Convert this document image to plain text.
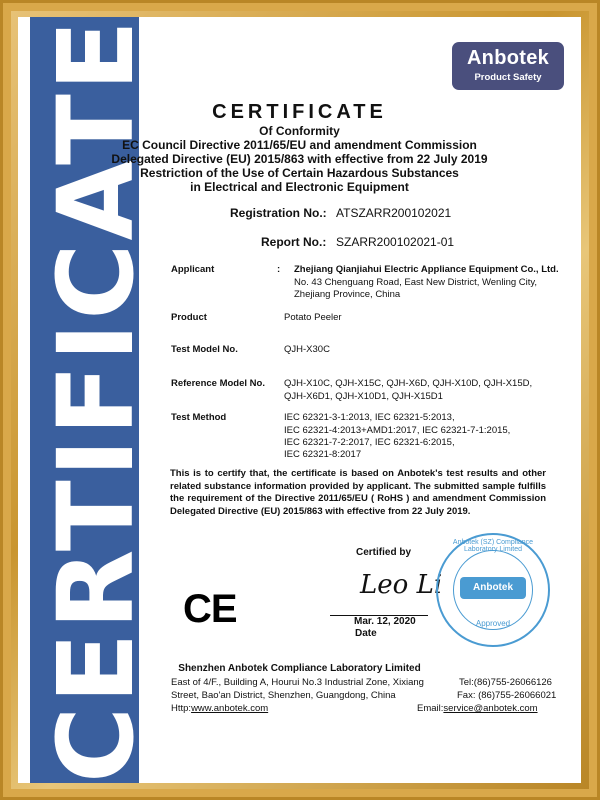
CERTIFICATE	Anbotek
Product Safety
CERTIFICATE
Of Conformity
EC Council Directive 2011/65/EU and amendment Commission
Delegated Directive (EU) 2015/863 with effective from 22 July 2019
Restriction of the Use of Certain Hazardous Substances
in Electrical and Electronic Equipment
Registration No.: ATSZARR200102021
Report No.: SZARR200102021-01
Applicant	: Zhejiang Qianjiahui Electric Appliance Equipment Co., Ltd.
No. 43 Chenguang Road, East New District, Wenling City,
Zhejiang Province, China
Product	Potato Peeler
Test Model No.	QJH-X30C
Reference Model No. QJH-X10C, QJH-X15C, QJH-X6D, QJH-X10D, QJH-X15D,
QJH-X6D1, QJH-X10D1, QJH-X15D1
Test Method	IEC 62321-3-1:2013, IEC 62321-5:2013,
IEC 62321-4:2013+AMD1:2017, IEC 62321-7-1:2015,
IEC 62321-7-2:2017, IEC 62321-6:2015,
IEC 62321-8:2017
This is to certify that, the certificate is based on Anbotek's test results and other related substance information provided by applicant. The submitted sample fulfills the requirement of the Directive 2011/65/EU ( RoHS ) and amendment Commission Delegated Directive (EU) 2015/863 with effective from 22 July 2019.
Certified by
Leo Li
Mar. 12, 2020
Date
CE	Anbotek
Anbotek (SZ) Compliance Laboratory Limited
Approved
Shenzhen Anbotek Compliance Laboratory Limited
East of 4/F., Building A, Hourui No.3 Industrial Zone, Xixiang
Street, Bao'an District, Shenzhen, Guangdong, China
Http:www.anbotek.com
Tel:(86)755-26066126
Fax: (86)755-26066021
Email:service@anbotek.com
